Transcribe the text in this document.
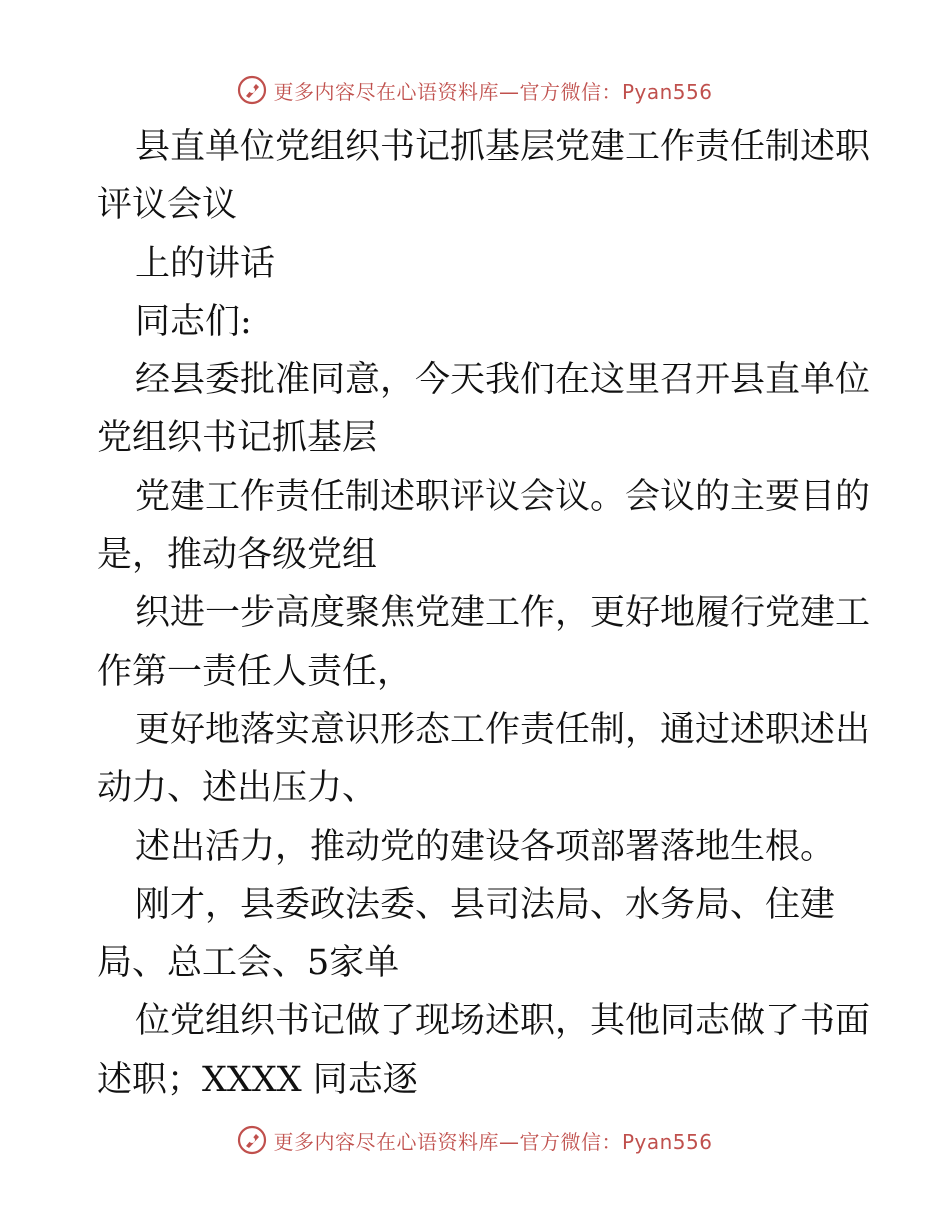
更多内容尽在心语资料库—官方微信：Pyan556
县直单位党组织书记抓基层党建工作责任制述职
评议会议
上的讲话
同志们:
经县委批准同意，今天我们在这里召开县直单位
党组织书记抓基层
党建工作责任制述职评议会议。会议的主要目的
是，推动各级党组
织进一步高度聚焦党建工作，更好地履行党建工
作第一责任人责任，
更好地落实意识形态工作责任制，通过述职述出
动力、述出压力、
述出活力，推动党的建设各项部署落地生根。
刚才，县委政法委、县司法局、水务局、住建
局、总工会、5家单
位党组织书记做了现场述职，其他同志做了书面
述职；XXXX 同志逐
更多内容尽在心语资料库—官方微信：Pyan556
